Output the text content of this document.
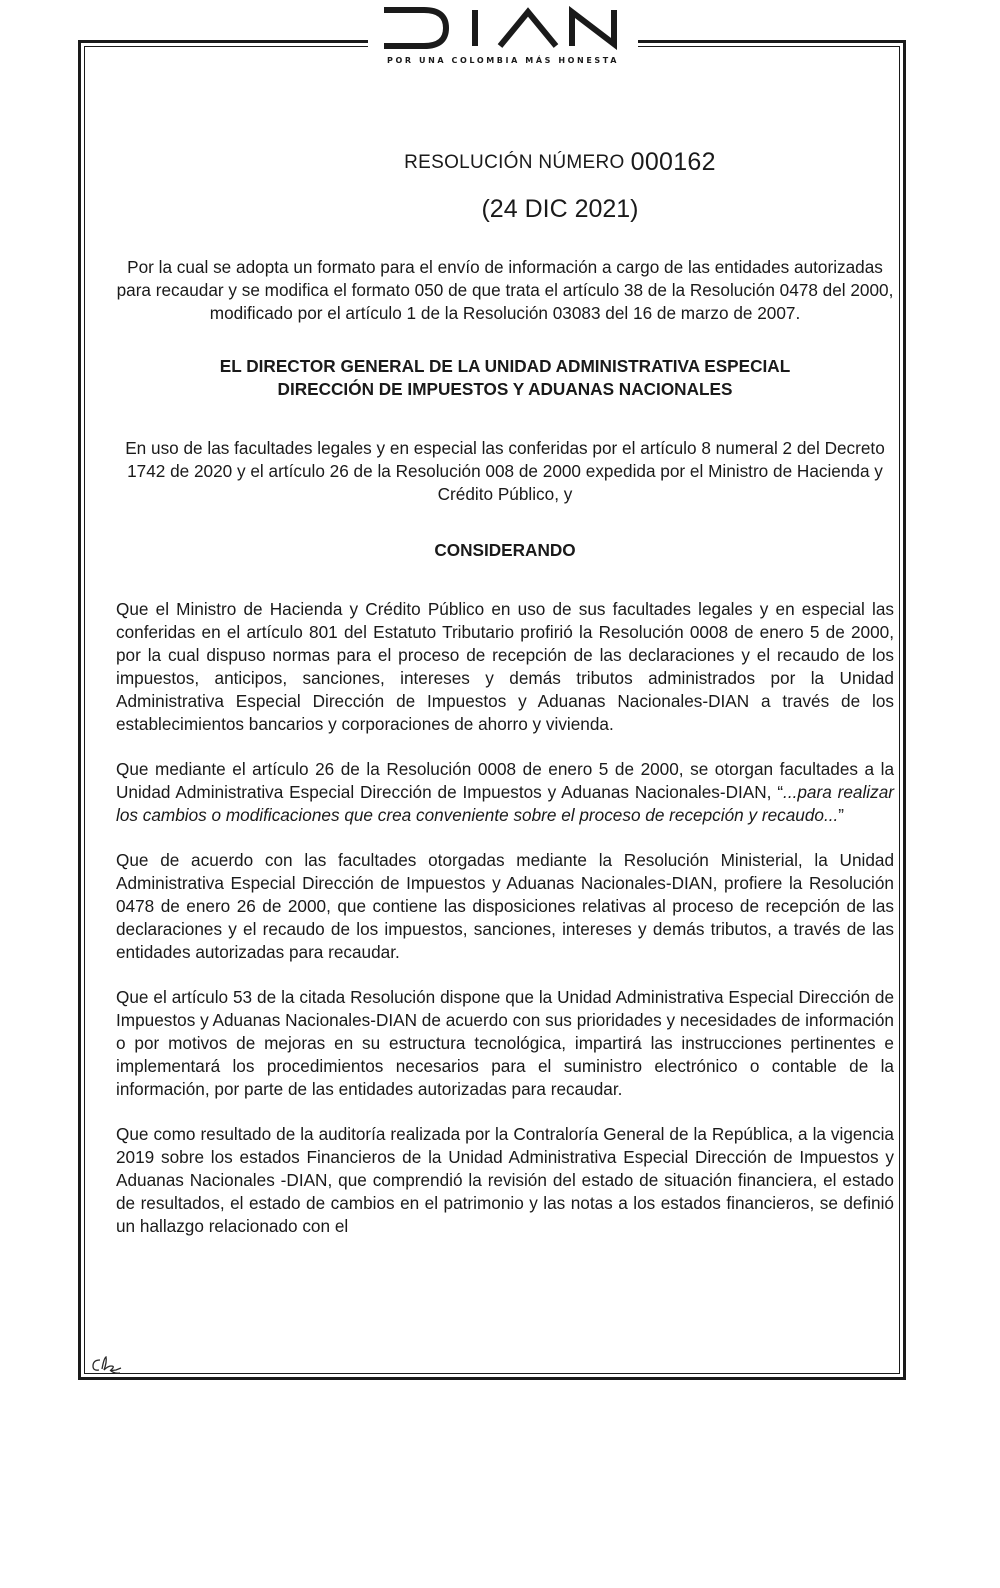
POR UNA COLOMBIA MÁS HONESTA
RESOLUCIÓN NÚMERO 000162
(24 DIC 2021)
Por la cual se adopta un formato para el envío de información a cargo de las entidades autorizadas para recaudar y se modifica el formato 050 de que trata el artículo 38 de la Resolución 0478 del 2000, modificado por el artículo 1 de la Resolución 03083 del 16 de marzo de 2007.
EL DIRECTOR GENERAL DE LA UNIDAD ADMINISTRATIVA ESPECIAL
DIRECCIÓN DE IMPUESTOS Y ADUANAS NACIONALES
En uso de las facultades legales y en especial las conferidas por el artículo 8 numeral 2 del Decreto 1742 de 2020 y el artículo 26 de la Resolución 008 de 2000 expedida por el Ministro de Hacienda y Crédito Público, y
CONSIDERANDO
Que el Ministro de Hacienda y Crédito Público en uso de sus facultades legales y en especial las conferidas en el artículo 801 del Estatuto Tributario profirió la Resolución 0008 de enero 5 de 2000, por la cual dispuso normas para el proceso de recepción de las declaraciones y el recaudo de los impuestos, anticipos, sanciones, intereses y demás tributos administrados por la Unidad Administrativa Especial Dirección de Impuestos y Aduanas Nacionales-DIAN a través de los establecimientos bancarios y corporaciones de ahorro y vivienda.
Que mediante el artículo 26 de la Resolución 0008 de enero 5 de 2000, se otorgan facultades a la Unidad Administrativa Especial Dirección de Impuestos y Aduanas Nacionales-DIAN, “...para realizar los cambios o modificaciones que crea conveniente sobre el proceso de recepción y recaudo...”
Que de acuerdo con las facultades otorgadas mediante la Resolución Ministerial, la Unidad Administrativa Especial Dirección de Impuestos y Aduanas Nacionales-DIAN, profiere la Resolución 0478 de enero 26 de 2000, que contiene las disposiciones relativas al proceso de recepción de las declaraciones y el recaudo de los impuestos, sanciones, intereses y demás tributos, a través de las entidades autorizadas para recaudar.
Que el artículo 53 de la citada Resolución dispone que la Unidad Administrativa Especial Dirección de Impuestos y Aduanas Nacionales-DIAN de acuerdo con sus prioridades y necesidades de información o por motivos de mejoras en su estructura tecnológica, impartirá las instrucciones pertinentes e implementará los procedimientos necesarios para el suministro electrónico o contable de la información, por parte de las entidades autorizadas para recaudar.
Que como resultado de la auditoría realizada por la Contraloría General de la República, a la vigencia 2019 sobre los estados Financieros de la Unidad Administrativa Especial Dirección de Impuestos y Aduanas Nacionales -DIAN, que comprendió la revisión del estado de situación financiera, el estado de resultados, el estado de cambios en el patrimonio y las notas a los estados financieros, se definió un hallazgo relacionado con el
